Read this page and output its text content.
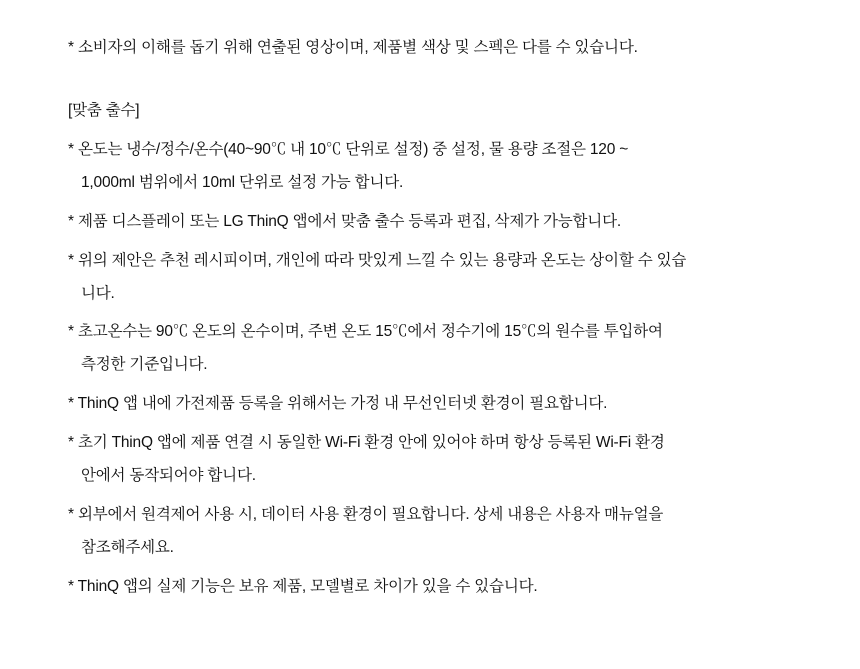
* 소비자의 이해를 돕기 위해 연출된 영상이며, 제품별 색상 및 스펙은 다를 수 있습니다.
[맞춤 출수]
* 온도는 냉수/정수/온수(40~90℃ 내 10℃ 단위로 설정) 중 설정, 물 용량 조절은 120 ~
1,000ml 범위에서 10ml 단위로 설정 가능 합니다.
* 제품 디스플레이 또는 LG ThinQ 앱에서 맞춤 출수 등록과 편집, 삭제가 가능합니다.
* 위의 제안은 추천 레시피이며, 개인에 따라 맛있게 느낄 수 있는 용량과 온도는 상이할 수 있습
니다.
* 초고온수는 90℃ 온도의 온수이며, 주변 온도 15℃에서 정수기에 15℃의 원수를 투입하여
측정한 기준입니다.
* ThinQ 앱 내에 가전제품 등록을 위해서는 가정 내 무선인터넷 환경이 필요합니다.
* 초기 ThinQ 앱에 제품 연결 시 동일한 Wi-Fi 환경 안에 있어야 하며 항상 등록된 Wi-Fi 환경
안에서 동작되어야 합니다.
* 외부에서 원격제어 사용 시, 데이터 사용 환경이 필요합니다. 상세 내용은 사용자 매뉴얼을
참조해주세요.
* ThinQ 앱의 실제 기능은 보유 제품, 모델별로 차이가 있을 수 있습니다.
